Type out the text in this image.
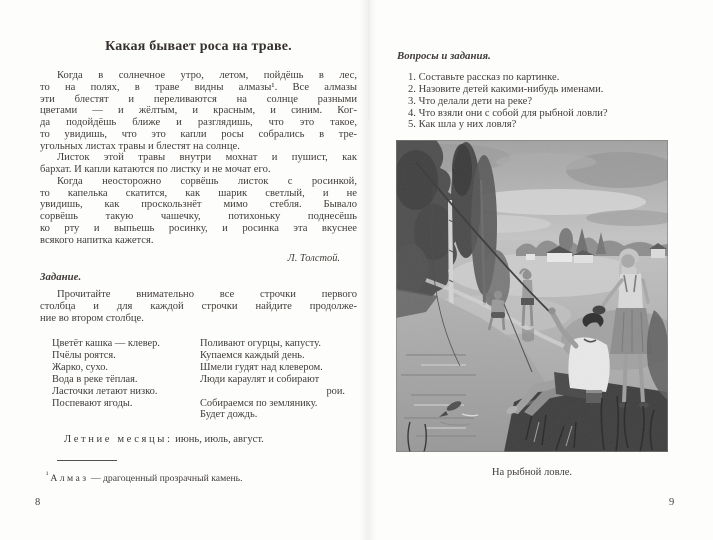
Какая бывает роса на траве.
Когда в солнечное утро, летом, пойдёшь в лес,
то на полях, в траве видны алмазы¹. Все алмазы
эти блестят и переливаются на солнце разными
цветами — и жёлтым, и красным, и синим. Ког-
да подойдёшь ближе и разглядишь, что это такое,
то увидишь, что это капли росы собрались в тре-
угольных листах травы и блестят на солнце.
Листок этой травы внутри мохнат и пушист, как
бархат. И капли катаются по листку и не мочат его.
Когда неосторожно сорвёшь листок с росинкой,
то капелька скатится, как шарик светлый, и не
увидишь, как проскользнёт мимо стебля. Бывало
сорвёшь такую чашечку, потихоньку поднесёшь
ко рту и выпьешь росинку, и росинка эта вкуснее
всякого напитка кажется.
Л. Толстой.
Задание.
Прочитайте внимательно все строчки первого
столбца и для каждой строчки найдите продолже-
ние во втором столбце.
Цветёт кашка — клевер.
Пчёлы роятся.
Жарко, сухо.
Вода в реке тёплая.
Ласточки летают низко.
Поспевают ягоды.
Поливают огурцы, капусту.
Купаемся каждый день.
Шмели гудят над клевером.
Люди караулят и собирают
рои.
Собираемся по землянику.
Будет дождь.
Летние месяцы: июнь, июль, август.
$^{^1}$ Алмаз — драгоценный прозрачный камень.
8
Вопросы и задания.
1. Составьте рассказ по картинке.
2. Назовите детей какими-нибудь именами.
3. Что делали дети на реке?
4. Что взяли они с собой для рыбной ловли?
5. Как шла у них ловля?
На рыбной ловле.
9
